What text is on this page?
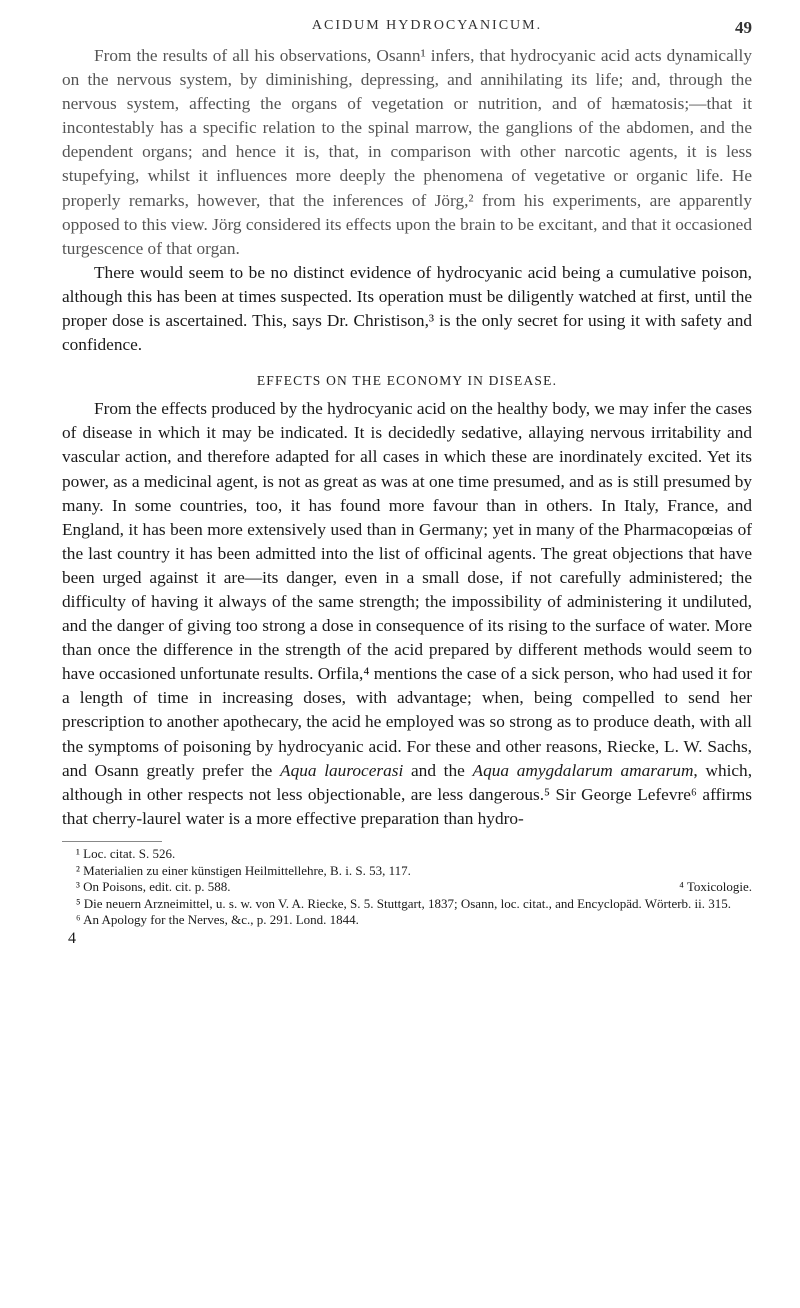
ACIDUM HYDROCYANICUM.	49

From the results of all his observations, Osann¹ infers, that hydrocyanic acid acts dynamically on the nervous system, by diminishing, depressing, and annihilating its life; and, through the nervous system, affecting the organs of vegetation or nutrition, and of hæmatosis;—that it incontestably has a specific relation to the spinal marrow, the ganglions of the abdomen, and the dependent organs; and hence it is, that, in comparison with other narcotic agents, it is less stupefying, whilst it influences more deeply the phenomena of vegetative or organic life. He properly remarks, however, that the inferences of Jörg,² from his experiments, are apparently opposed to this view. Jörg considered its effects upon the brain to be excitant, and that it occasioned turgescence of that organ.

There would seem to be no distinct evidence of hydrocyanic acid being a cumulative poison, although this has been at times suspected. Its operation must be diligently watched at first, until the proper dose is ascertained. This, says Dr. Christison,³ is the only secret for using it with safety and confidence.

EFFECTS ON THE ECONOMY IN DISEASE.

From the effects produced by the hydrocyanic acid on the healthy body, we may infer the cases of disease in which it may be indicated. It is decidedly sedative, allaying nervous irritability and vascular action, and therefore adapted for all cases in which these are inordinately excited. Yet its power, as a medicinal agent, is not as great as was at one time presumed, and as is still presumed by many. In some countries, too, it has found more favour than in others. In Italy, France, and England, it has been more extensively used than in Germany; yet in many of the Pharmacopœias of the last country it has been admitted into the list of officinal agents. The great objections that have been urged against it are—its danger, even in a small dose, if not carefully administered; the difficulty of having it always of the same strength; the impossibility of administering it undiluted, and the danger of giving too strong a dose in consequence of its rising to the surface of water. More than once the difference in the strength of the acid prepared by different methods would seem to have occasioned unfortunate results. Orfila,⁴ mentions the case of a sick person, who had used it for a length of time in increasing doses, with advantage; when, being compelled to send her prescription to another apothecary, the acid he employed was so strong as to produce death, with all the symptoms of poisoning by hydrocyanic acid. For these and other reasons, Riecke, L. W. Sachs, and Osann greatly prefer the Aqua laurocerasi and the Aqua amygdalarum amararum, which, although in other respects not less objectionable, are less dangerous.⁵ Sir George Lefevre⁶ affirms that cherry-laurel water is a more effective preparation than hydro-

¹ Loc. citat. S. 526.
² Materialien zu einer künstigen Heilmittellehre, B. i. S. 53, 117.
³ On Poisons, edit. cit. p. 588.	⁴ Toxicologie.
⁵ Die neuern Arzneimittel, u. s. w. von V. A. Riecke, S. 5. Stuttgart, 1837; Osann, loc. citat., and Encyclopäd. Wörterb. ii. 315.
⁶ An Apology for the Nerves, &c., p. 291. Lond. 1844.
4
